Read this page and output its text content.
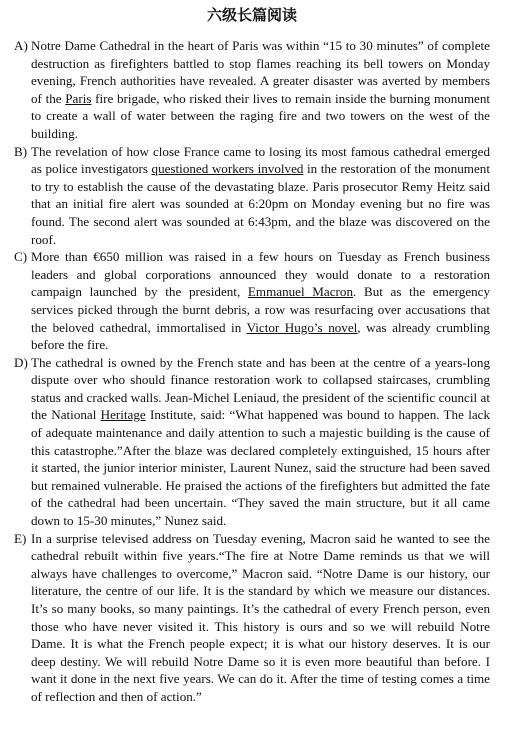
六级长篇阅读
A) Notre Dame Cathedral in the heart of Paris was within “15 to 30 minutes” of complete destruction as firefighters battled to stop flames reaching its bell towers on Monday evening, French authorities have revealed. A greater disaster was averted by members of the Paris fire brigade, who risked their lives to remain inside the burning monument to create a wall of water between the raging fire and two towers on the west of the building.
B) The revelation of how close France came to losing its most famous cathedral emerged as police investigators questioned workers involved in the restoration of the monument to try to establish the cause of the devastating blaze. Paris prosecutor Remy Heitz said that an initial fire alert was sounded at 6:20pm on Monday evening but no fire was found. The second alert was sounded at 6:43pm, and the blaze was discovered on the roof.
C) More than €650 million was raised in a few hours on Tuesday as French business leaders and global corporations announced they would donate to a restoration campaign launched by the president, Emmanuel Macron. But as the emergency services picked through the burnt debris, a row was resurfacing over accusations that the beloved cathedral, immortalised in Victor Hugo’s novel, was already crumbling before the fire.
D) The cathedral is owned by the French state and has been at the centre of a years-long dispute over who should finance restoration work to collapsed staircases, crumbling status and cracked walls. Jean-Michel Leniaud, the president of the scientific council at the National Heritage Institute, said: “What happened was bound to happen. The lack of adequate maintenance and daily attention to such a majestic building is the cause of this catastrophe.”After the blaze was declared completely extinguished, 15 hours after it started, the junior interior minister, Laurent Nunez, said the structure had been saved but remained vulnerable. He praised the actions of the firefighters but admitted the fate of the cathedral had been uncertain. “They saved the main structure, but it all came down to 15-30 minutes,” Nunez said.
E) In a surprise televised address on Tuesday evening, Macron said he wanted to see the cathedral rebuilt within five years.“The fire at Notre Dame reminds us that we will always have challenges to overcome,” Macron said. “Notre Dame is our history, our literature, the centre of our life. It is the standard by which we measure our distances. It’s so many books, so many paintings. It’s the cathedral of every French person, even those who have never visited it. This history is ours and so we will rebuild Notre Dame. It is what the French people expect; it is what our history deserves. It is our deep destiny. We will rebuild Notre Dame so it is even more beautiful than before. I want it done in the next five years. We can do it. After the time of testing comes a time of reflection and then of action.”
